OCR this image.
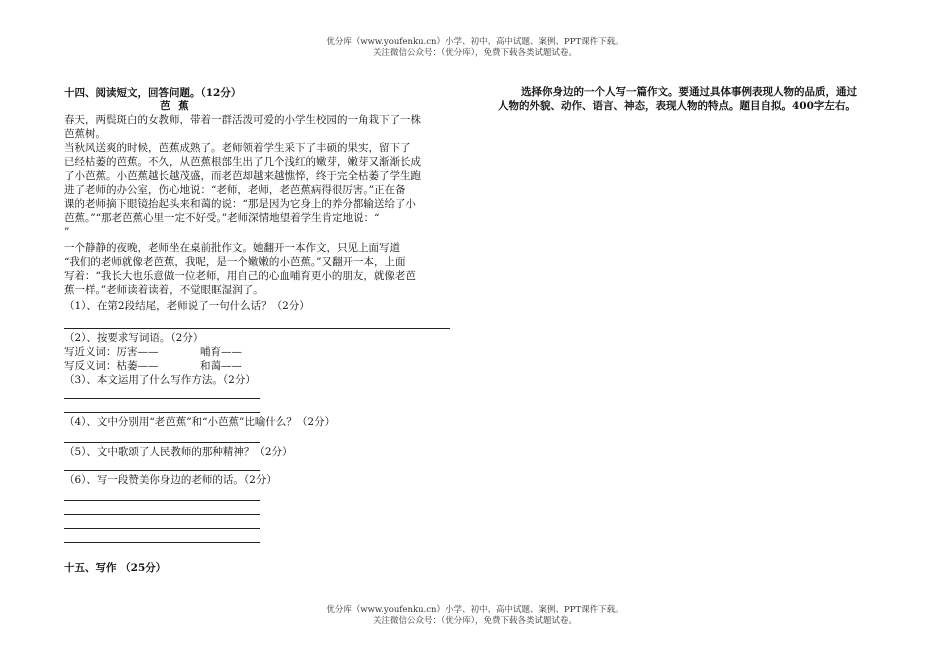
优分库（www.youfenku.cn）小学、初中、高中试题、案例、PPT课件下载。
关注微信公众号：（优分库），免费下载各类试题试卷。
十四、阅读短文，回答问题。（12分）
芭 蕉
春天，两鬓斑白的女教师，带着一群活泼可爱的小学生校园的一角栽下了一株
芭蕉树。
当秋风送爽的时候，芭蕉成熟了。老师领着学生采下了丰硕的果实，留下了
已经枯萎的芭蕉。不久，从芭蕉根部生出了几个浅红的嫩芽，嫩芽又渐渐长成
了小芭蕉。小芭蕉越长越茂盛，而老芭却越来越憔悴，终于完全枯萎了学生跑
进了老师的办公室，伤心地说：“老师，老师，老芭蕉病得很厉害。”正在备
课的老师摘下眼镜抬起头来和蔼的说：“那是因为它身上的养分都输送给了小
芭蕉。”“那老芭蕉心里一定不好受。”老师深情地望着学生肯定地说：“
”
一个静静的夜晚，老师坐在桌前批作文。她翻开一本作文，只见上面写道
“我们的老师就像老芭蕉，我呢，是一个嫩嫩的小芭蕉。”又翻开一本，上面
写着：“我长大也乐意做一位老师，用自己的心血哺育更小的朋友，就像老芭
蕉一样。”老师读着读着，不觉眼眶湿润了。
（1）、在第2段结尾，老师说了一句什么话？（2分）
（2）、按要求写词语。（2分）
写近义词：厉害——	哺育——
写反义词：枯萎——	和蔼——
（3）、本文运用了什么写作方法。（2分）
（4）、文中分别用“老芭蕉”和“小芭蕉”比喻什么？（2分）
（5）、文中歌颂了人民教师的那种精神？（2分）
（6）、写一段赞美你身边的老师的话。（2分）
十五、写作 （25分）
选择你身边的一个人写一篇作文。要通过具体事例表现人物的品质，通过
人物的外貌、动作、语言、神态，表现人物的特点。题目自拟。400字左右。
优分库（www.youfenku.cn）小学、初中、高中试题、案例、PPT课件下载。
关注微信公众号：（优分库），免费下载各类试题试卷。
